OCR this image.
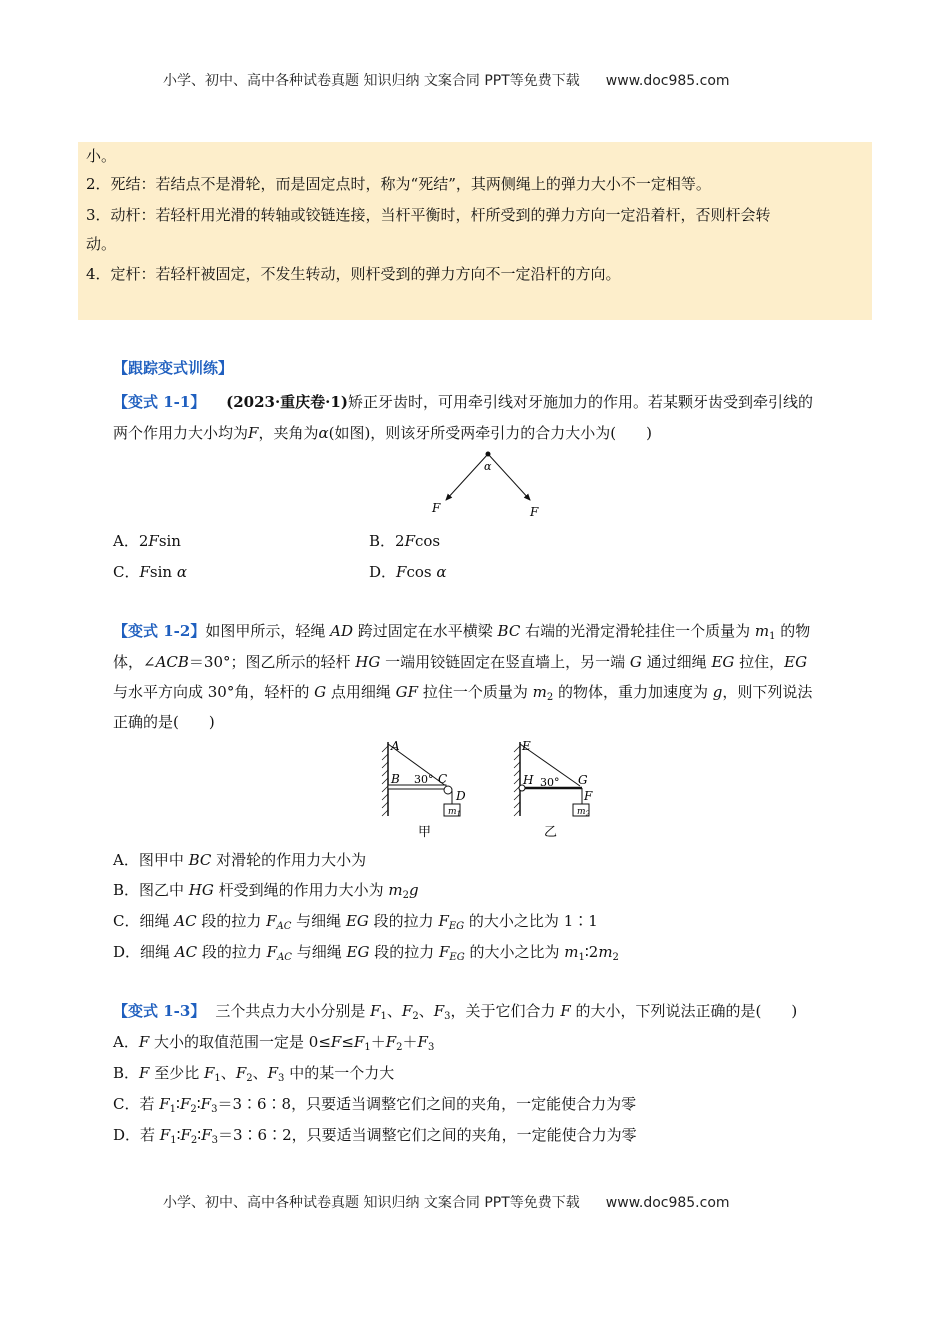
小学、初中、高中各种试卷真题 知识归纳 文案合同 PPT等免费下载 www.doc985.com
小。
2．死结：若结点不是滑轮，而是固定点时，称为“死结”，其两侧绳上的弹力大小不一定相等。
3．动杆：若轻杆用光滑的转轴或铰链连接，当杆平衡时，杆所受到的弹力方向一定沿着杆，否则杆会转
动。
4．定杆：若轻杆被固定，不发生转动，则杆受到的弹力方向不一定沿杆的方向。
【跟踪变式训练】
【变式 1-1】 (2023·重庆卷·1)矫正牙齿时，可用牵引线对牙施加力的作用。若某颗牙齿受到牵引线的
两个作用力大小均为F，夹角为α(如图)，则该牙所受两牵引力的合力大小为(　　)
α
F	F
A．2Fsin	B．2Fcos
C．Fsin α	D．Fcos α
【变式 1-2】如图甲所示，轻绳 AD 跨过固定在水平横梁 BC 右端的光滑定滑轮挂住一个质量为 $m_1$ 的物
体，∠ACB＝30°；图乙所示的轻杆 HG 一端用铰链固定在竖直墙上，另一端 G 通过细绳 EG 拉住，EG
与水平方向成 30°角，轻杆的 G 点用细绳 GF 拉住一个质量为 $m_2$ 的物体，重力加速度为 g，则下列说法
正确的是(　　)
$m_1$
A
B 30° C
D
甲
$m_2$
E
H 30° G
F
乙
A．图甲中 BC 对滑轮的作用力大小为
B．图乙中 HG 杆受到绳的作用力大小为 $m_2g$
C．细绳 AC 段的拉力 $F_{AC}$ 与细绳 EG 段的拉力 $F_{EG}$ 的大小之比为 1∶1
D．细绳 AC 段的拉力 $F_{AC}$ 与细绳 EG 段的拉力 $F_{EG}$ 的大小之比为 $m_1∶2m_2$
【变式 1-3】 三个共点力大小分别是 $F_1$、$F_2$、$F_3$，关于它们合力 F 的大小，下列说法正确的是(　　)
A．F 大小的取值范围一定是 $0\le F\le F_1+F_2+F_3$
B．F 至少比 $F_1$、$F_2$、$F_3$ 中的某一个力大
C．若 $F_1∶F_2∶F_3=3∶6∶8$，只要适当调整它们之间的夹角，一定能使合力为零
D．若 $F_1∶F_2∶F_3=3∶6∶2$，只要适当调整它们之间的夹角，一定能使合力为零
小学、初中、高中各种试卷真题 知识归纳 文案合同 PPT等免费下载 www.doc985.com
